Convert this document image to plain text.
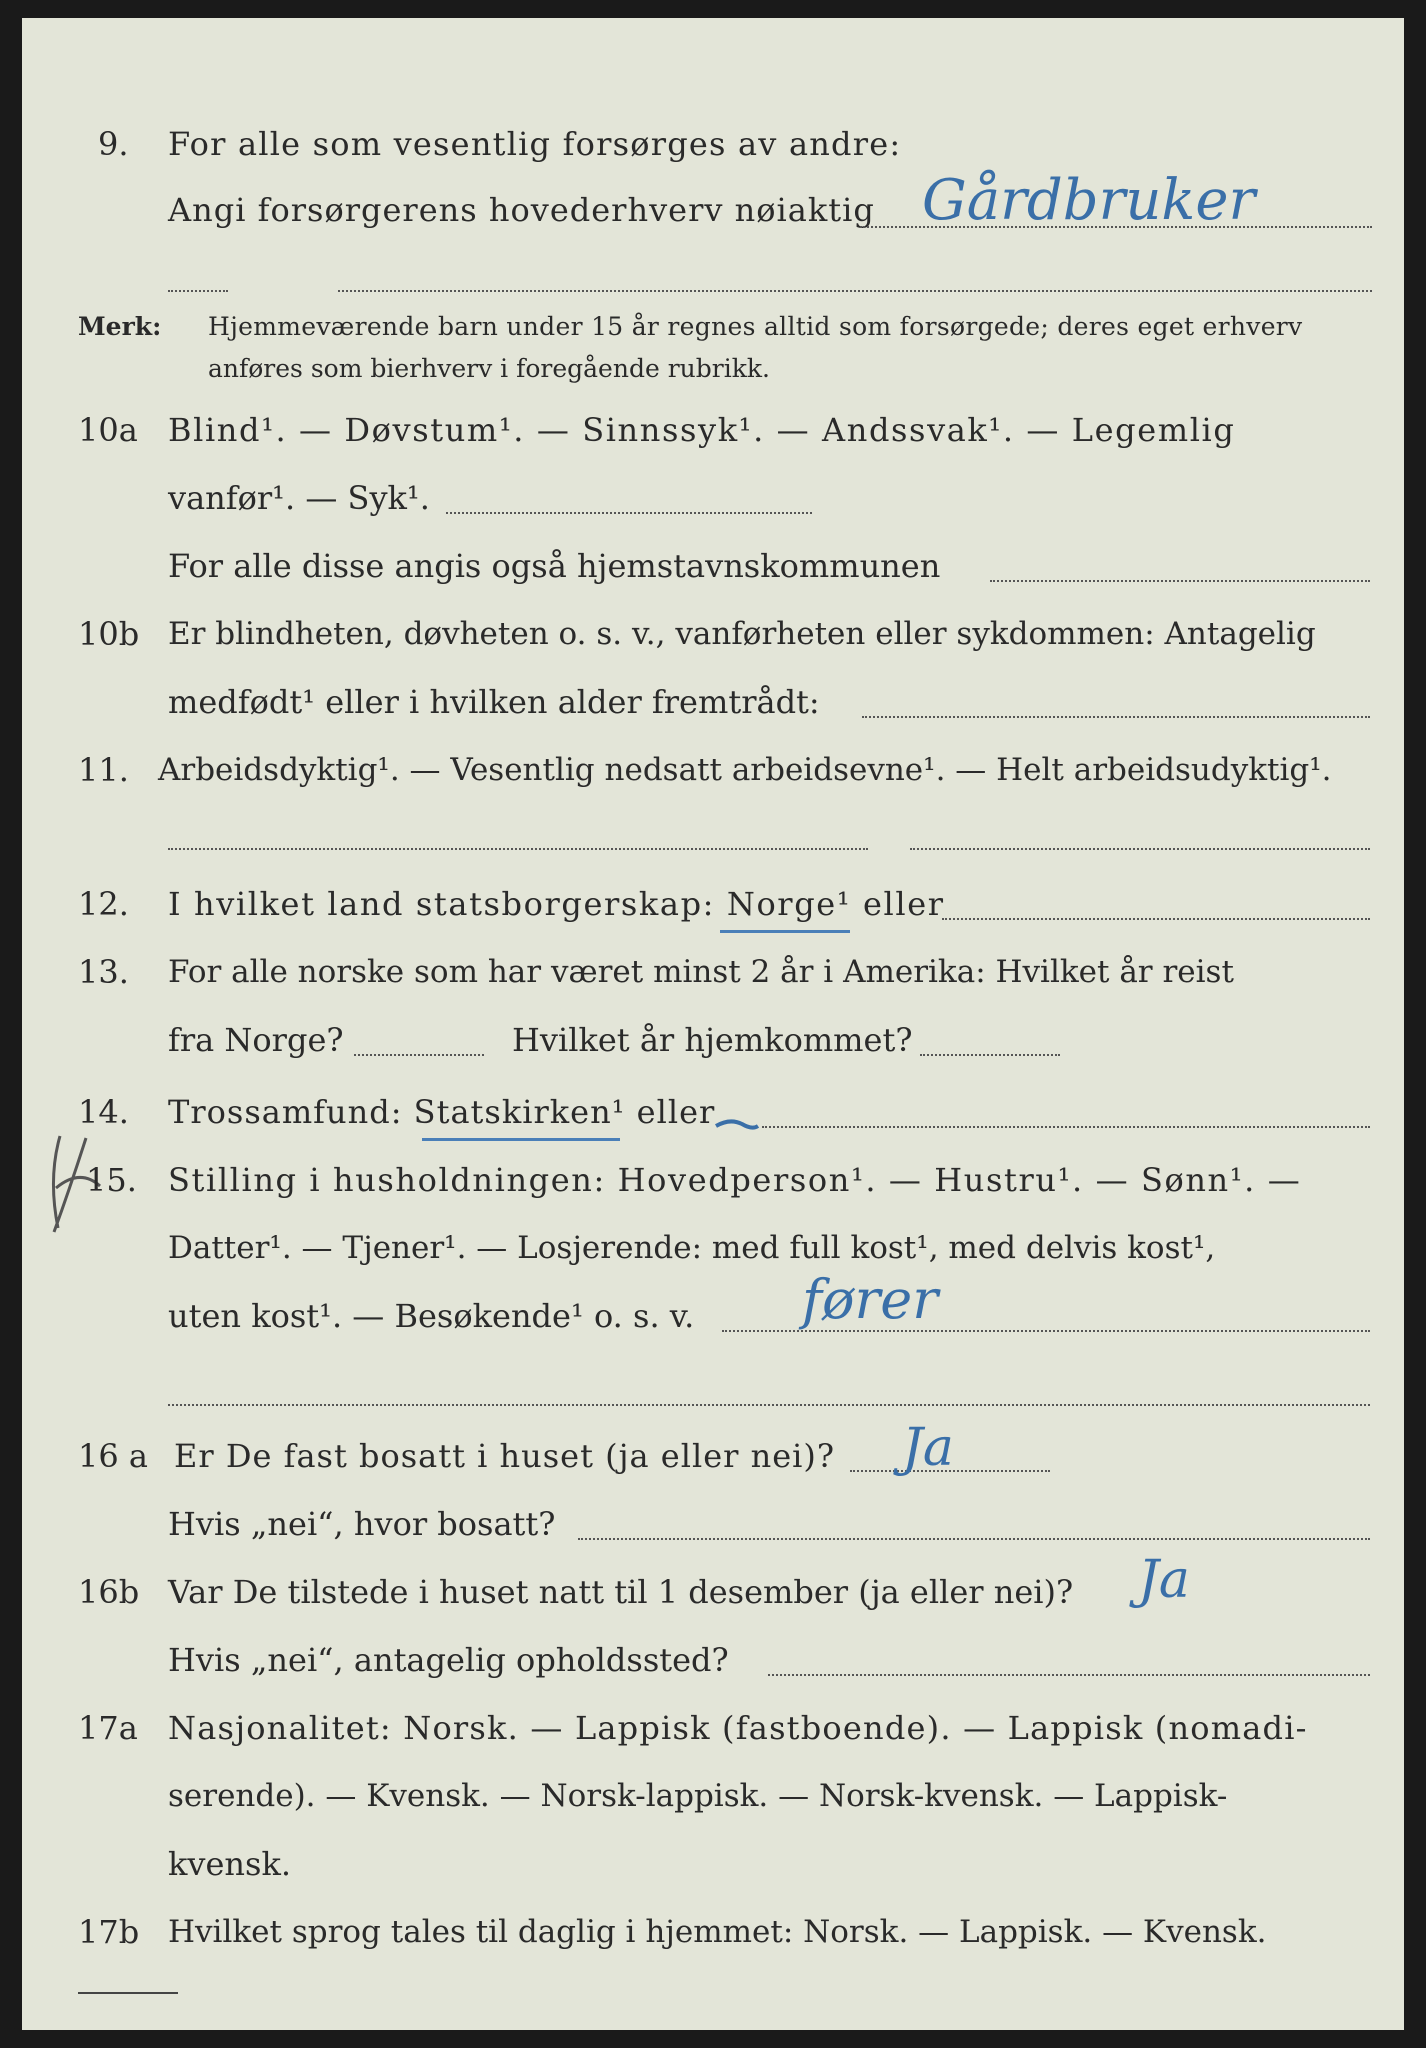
9. For alle som vesentlig forsørges av andre:
Angi forsørgerens hovederhverv nøiaktig Gårdbruker
Merk: Hjemmeværende barn under 15 år regnes alltid som forsørgede; deres eget erhverv
anføres som bierhverv i foregående rubrikk.
10a Blind¹. — Døvstum¹. — Sinnssyk¹. — Andssvak¹. — Legemlig
vanfør¹. — Syk¹.
For alle disse angis også hjemstavnskommunen
10b Er blindheten, døvheten o. s. v., vanførheten eller sykdommen: Antagelig
medfødt¹ eller i hvilken alder fremtrådt:
11. Arbeidsdyktig¹. — Vesentlig nedsatt arbeidsevne¹. — Helt arbeidsudyktig¹.
12. I hvilket land statsborgerskap: Norge¹ eller
13. For alle norske som har været minst 2 år i Amerika: Hvilket år reist
fra Norge?	Hvilket år hjemkommet?
14. Trossamfund: Statskirken¹ eller
15. Stilling i husholdningen: Hovedperson¹. — Hustru¹. — Sønn¹. —
Datter¹. — Tjener¹. — Losjerende: med full kost¹, med delvis kost¹,
uten kost¹. — Besøkende¹ o. s. v. fører
16 a Er De fast bosatt i huset (ja eller nei)? Ja
Hvis „nei“, hvor bosatt?
16b Var De tilstede i huset natt til 1 desember (ja eller nei)? Ja
Hvis „nei“, antagelig opholdssted?
17a Nasjonalitet: Norsk. — Lappisk (fastboende). — Lappisk (nomadi-
serende). — Kvensk. — Norsk-lappisk. — Norsk-kvensk. — Lappisk-
kvensk.
17b Hvilket sprog tales til daglig i hjemmet: Norsk. — Lappisk. — Kvensk.
